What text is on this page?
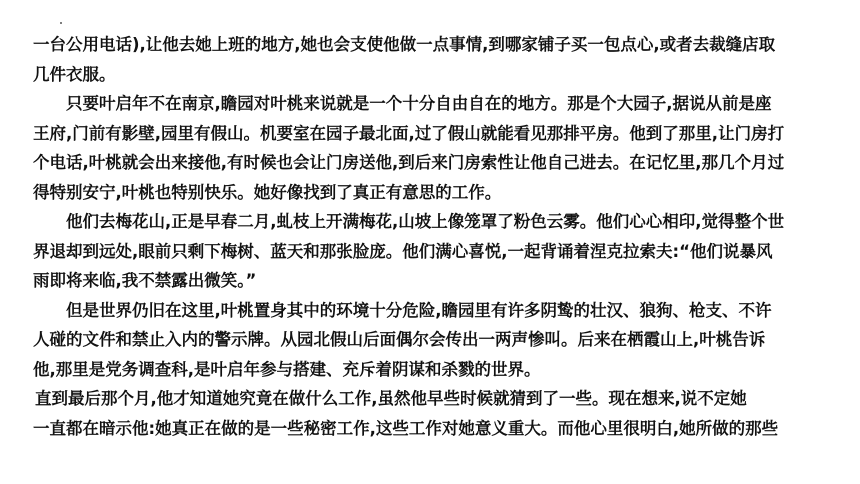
一台公用电话),让他去她上班的地方,她也会支使他做一点事情,到哪家铺子买一包点心,或者去裁缝店取
几件衣服。
只要叶启年不在南京,瞻园对叶桃来说就是一个十分自由自在的地方。那是个大园子,据说从前是座
王府,门前有影壁,园里有假山。机要室在园子最北面,过了假山就能看见那排平房。他到了那里,让门房打
个电话,叶桃就会出来接他,有时候也会让门房送他,到后来门房索性让他自己进去。在记忆里,那几个月过
得特别安宁,叶桃也特别快乐。她好像找到了真正有意思的工作。
他们去梅花山,正是早春二月,虬枝上开满梅花,山坡上像笼罩了粉色云雾。他们心心相印,觉得整个世
界退却到远处,眼前只剩下梅树、蓝天和那张脸庞。他们满心喜悦,一起背诵着涅克拉索夫:“他们说暴风
雨即将来临,我不禁露出微笑。”
但是世界仍旧在这里,叶桃置身其中的环境十分危险,瞻园里有许多阴鸷的壮汉、狼狗、枪支、不许
人碰的文件和禁止入内的警示牌。从园北假山后面偶尔会传出一两声惨叫。后来在栖霞山上,叶桃告诉
他,那里是党务调查科,是叶启年参与搭建、充斥着阴谋和杀戮的世界。
直到最后那个月,他才知道她究竟在做什么工作,虽然他早些时候就猜到了一些。现在想来,说不定她
一直都在暗示他:她真正在做的是一些秘密工作,这些工作对她意义重大。而他心里很明白,她所做的那些
